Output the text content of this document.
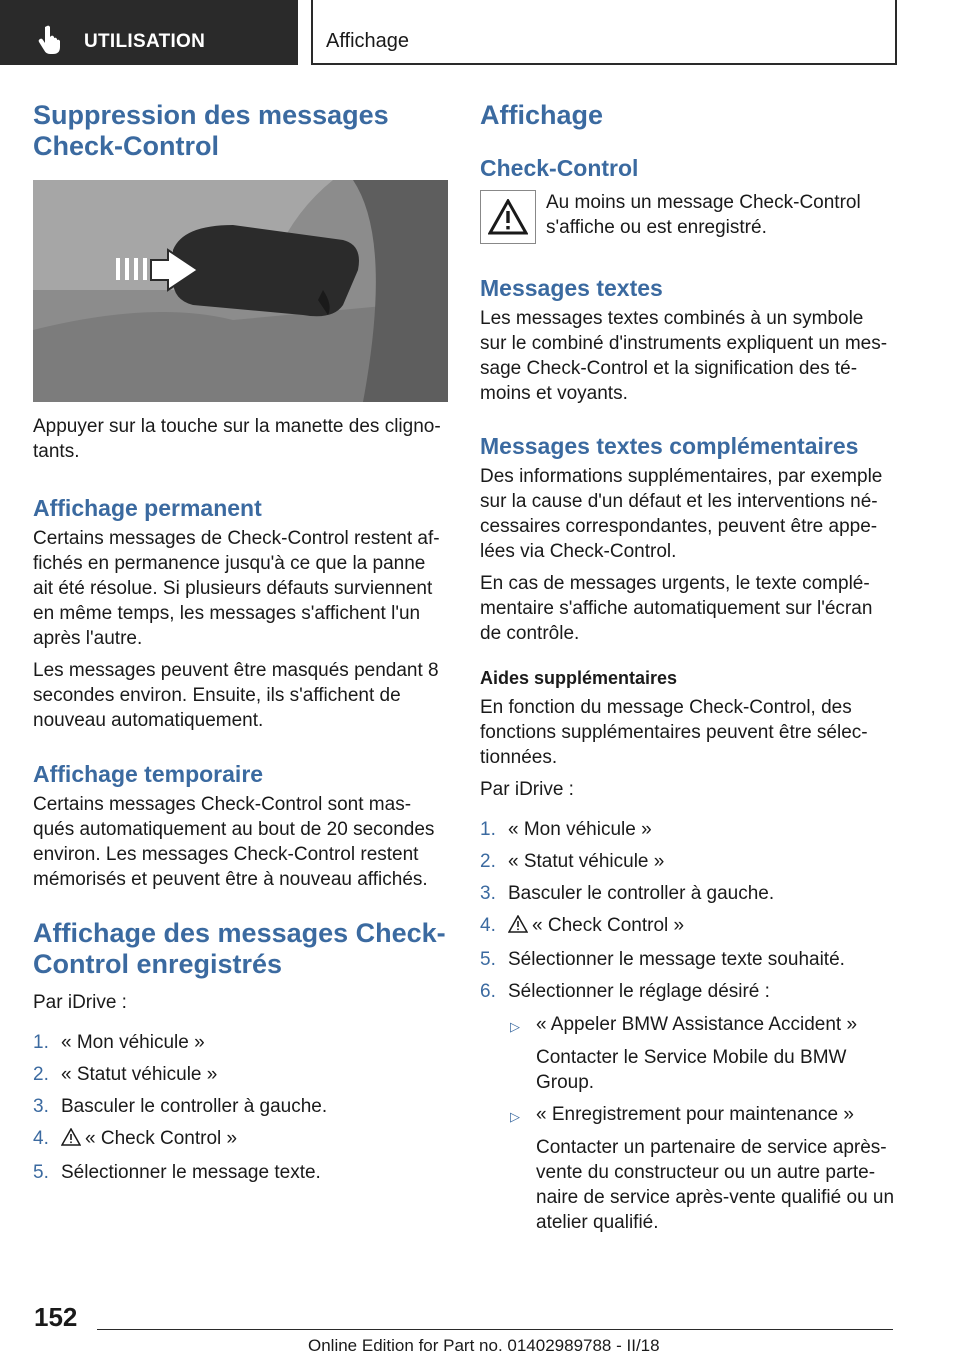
UTILISATION	Affichage
Suppression des messages Check-Control

Appuyer sur la touche sur la manette des cligno-tants.

Affichage permanent

Certains messages de Check-Control restent af-fichés en permanence jusqu'à ce que la panne ait été résolue. Si plusieurs défauts surviennent en même temps, les messages s'affichent l'un après l'autre.

Les messages peuvent être masqués pendant 8 secondes environ. Ensuite, ils s'affichent de nouveau automatiquement.

Affichage temporaire

Certains messages Check-Control sont mas-qués automatiquement au bout de 20 secondes environ. Les messages Check-Control restent mémorisés et peuvent être à nouveau affichés.

Affichage des messages Check-Control enregistrés

Par iDrive :

1. « Mon véhicule »
2. « Statut véhicule »
3. Basculer le controller à gauche.
4. « Check Control »
5. Sélectionner le message texte.
Affichage
Check-Control

Au moins un message Check-Control s'affiche ou est enregistré.

Messages textes

Les messages textes combinés à un symbole sur le combiné d'instruments expliquent un mes-sage Check-Control et la signification des té-moins et voyants.

Messages textes complémentaires

Des informations supplémentaires, par exemple sur la cause d'un défaut et les interventions né-cessaires correspondantes, peuvent être appe-lées via Check-Control.

En cas de messages urgents, le texte complé-mentaire s'affiche automatiquement sur l'écran de contrôle.

Aides supplémentaires

En fonction du message Check-Control, des fonctions supplémentaires peuvent être sélec-tionnées.

Par iDrive :

1. « Mon véhicule »
2. « Statut véhicule »
3. Basculer le controller à gauche.
4. « Check Control »
5. Sélectionner le message texte souhaité.
6. Sélectionner le réglage désiré :
▷ « Appeler BMW Assistance Accident »
Contacter le Service Mobile du BMW Group.
▷ « Enregistrement pour maintenance »
Contacter un partenaire de service après-vente du constructeur ou un autre parte-naire de service après-vente qualifié ou un atelier qualifié.
152
Online Edition for Part no. 01402989788 - II/18
